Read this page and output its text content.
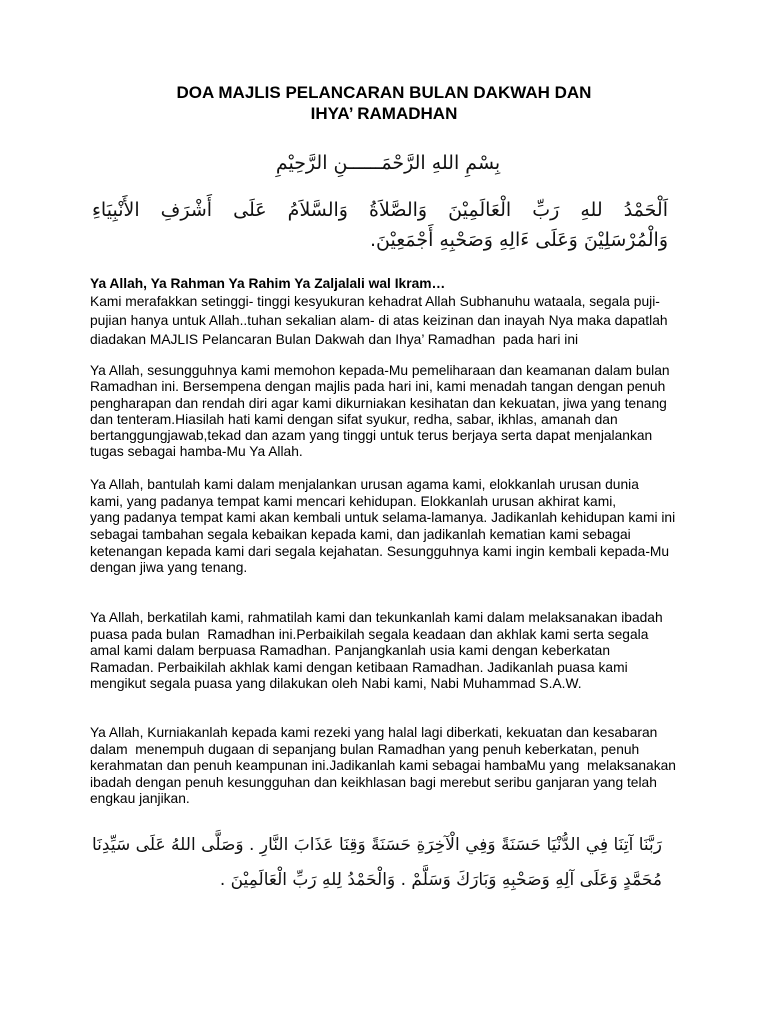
DOA MAJLIS PELANCARAN BULAN DAKWAH DAN
IHYA’ RAMADHAN
بِسْمِ اللهِ الرَّحْمَــــــنِ الرَّحِيْمِ
اَلْحَمْدُ للهِ رَبِّ الْعَالَمِيْنَ وَالصَّلاَةُ وَالسَّلاَمُ عَلَى أَشْرَفِ الأَنْبِيَاءِ
وَالْمُرْسَلِيْنَ وَعَلَى ءَالِهِ وَصَحْبِهِ أَجْمَعِيْنَ.
Ya Allah, Ya Rahman Ya Rahim Ya Zaljalali wal Ikram…
Kami merafakkan setinggi- tinggi kesyukuran kehadrat Allah Subhanuhu wataala, segala puji-
pujian hanya untuk Allah..tuhan sekalian alam- di atas keizinan dan inayah Nya maka dapatlah
diadakan MAJLIS Pelancaran Bulan Dakwah dan Ihya’ Ramadhan  pada hari ini
Ya Allah, sesungguhnya kami memohon kepada-Mu pemeliharaan dan keamanan dalam bulan
Ramadhan ini. Bersempena dengan majlis pada hari ini, kami menadah tangan dengan penuh
pengharapan dan rendah diri agar kami dikurniakan kesihatan dan kekuatan, jiwa yang tenang
dan tenteram.Hiasilah hati kami dengan sifat syukur, redha, sabar, ikhlas, amanah dan
bertanggungjawab,tekad dan azam yang tinggi untuk terus berjaya serta dapat menjalankan
tugas sebagai hamba-Mu Ya Allah.
Ya Allah, bantulah kami dalam menjalankan urusan agama kami, elokkanlah urusan dunia
kami, yang padanya tempat kami mencari kehidupan. Elokkanlah urusan akhirat kami,
yang padanya tempat kami akan kembali untuk selama-lamanya. Jadikanlah kehidupan kami ini
sebagai tambahan segala kebaikan kepada kami, dan jadikanlah kematian kami sebagai
ketenangan kepada kami dari segala kejahatan. Sesungguhnya kami ingin kembali kepada-Mu
dengan jiwa yang tenang.
Ya Allah, berkatilah kami, rahmatilah kami dan tekunkanlah kami dalam melaksanakan ibadah
puasa pada bulan  Ramadhan ini.Perbaikilah segala keadaan dan akhlak kami serta segala
amal kami dalam berpuasa Ramadhan. Panjangkanlah usia kami dengan keberkatan
Ramadan. Perbaikilah akhlak kami dengan ketibaan Ramadhan. Jadikanlah puasa kami
mengikut segala puasa yang dilakukan oleh Nabi kami, Nabi Muhammad S.A.W.
Ya Allah, Kurniakanlah kepada kami rezeki yang halal lagi diberkati, kekuatan dan kesabaran
dalam  menempuh dugaan di sepanjang bulan Ramadhan yang penuh keberkatan, penuh
kerahmatan dan penuh keampunan ini.Jadikanlah kami sebagai hambaMu yang  melaksanakan
ibadah dengan penuh kesungguhan dan keikhlasan bagi merebut seribu ganjaran yang telah
engkau janjikan.
رَبَّنَا آتِنَا فِي الدُّنْيَا حَسَنَةً وَفِي الْآخِرَةِ حَسَنَةً وَقِنَا عَذَابَ النَّارِ . وَصَلَّى اللهُ عَلَى سَيِّدِنَا
مُحَمَّدٍ وَعَلَى آلِهِ وَصَحْبِهِ وَبَارَكَ وَسَلَّمْ . وَالْحَمْدُ لِلهِ رَبِّ الْعَالَمِيْنَ .
